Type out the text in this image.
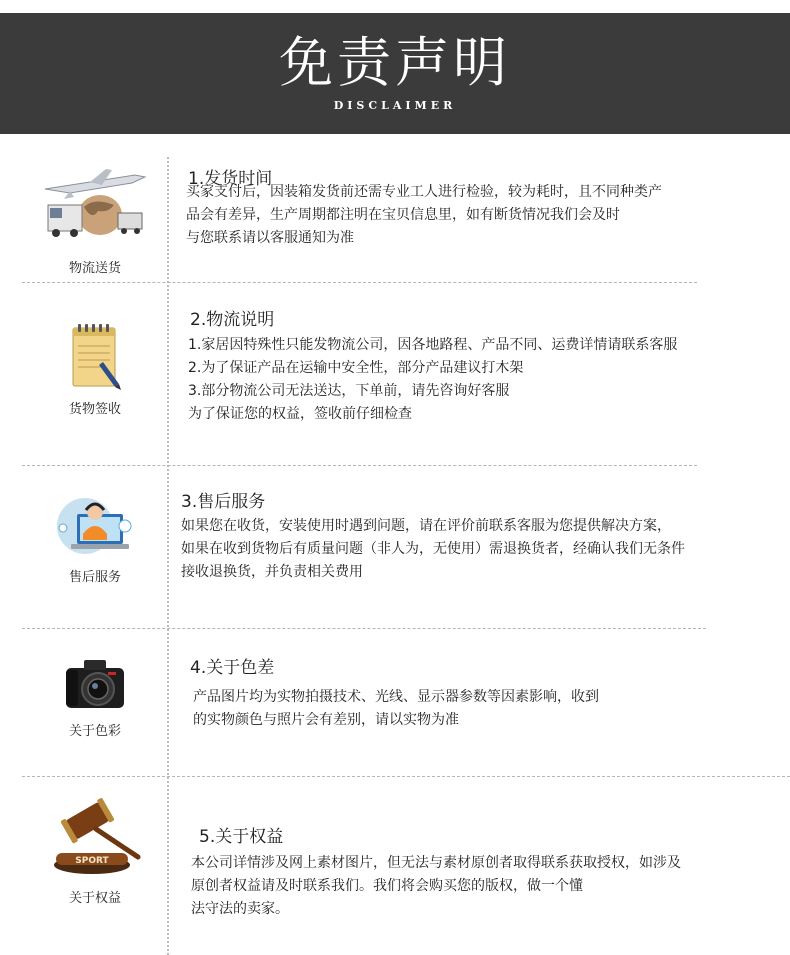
免责声明
DISCLAIMER
物流送货
1.发货时间
买家支付后，因装箱发货前还需专业工人进行检验，较为耗时，且不同种类产
品会有差异，生产周期都注明在宝贝信息里，如有断货情况我们会及时
与您联系请以客服通知为准
货物签收
2.物流说明
1.家居因特殊性只能发物流公司，因各地路程、产品不同、运费详情请联系客服
2.为了保证产品在运输中安全性，部分产品建议打木架
3.部分物流公司无法送达，下单前，请先咨询好客服
为了保证您的权益，签收前仔细检查
售后服务
3.售后服务
如果您在收货，安装使用时遇到问题，请在评价前联系客服为您提供解决方案，
如果在收到货物后有质量问题（非人为，无使用）需退换货者，经确认我们无条件
接收退换货，并负责相关费用
关于色彩
4.关于色差
产品图片均为实物拍摄技术、光线、显示器参数等因素影响，收到
的实物颜色与照片会有差别，请以实物为准
SPORT
关于权益
5.关于权益
本公司详情涉及网上素材图片，但无法与素材原创者取得联系获取授权，如涉及
原创者权益请及时联系我们。我们将会购买您的版权，做一个懂
法守法的卖家。
